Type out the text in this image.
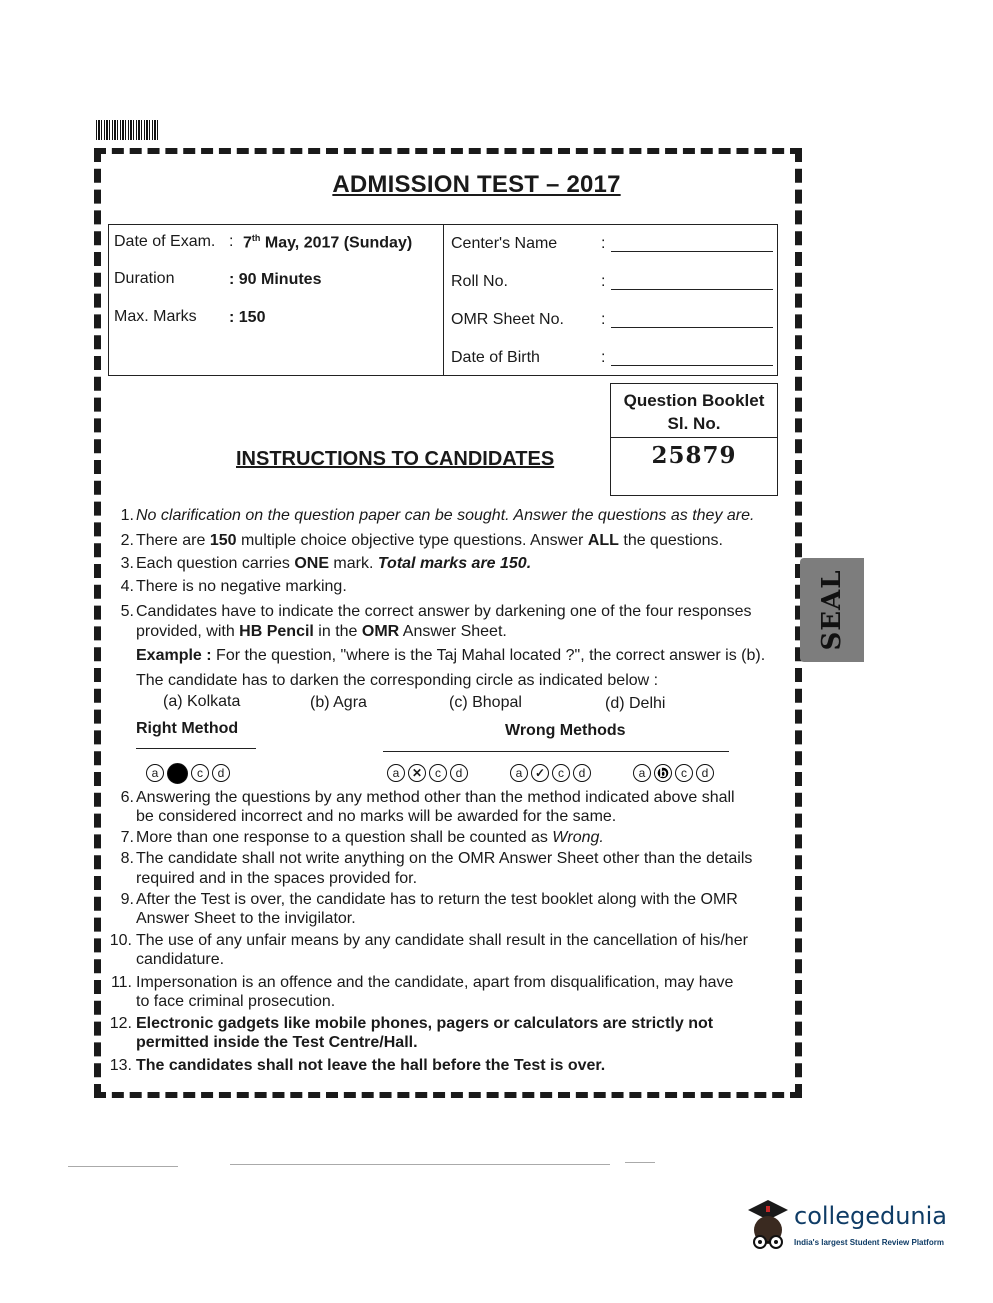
ADMISSION TEST – 2017
Date of Exam. : 7th May, 2017 (Sunday)
Duration	: 90 Minutes
Max. Marks : 150
Center's Name	:
Roll No.	:
OMR Sheet No. :
Date of Birth	:
Question Booklet
Sl. No.
25879
INSTRUCTIONS TO CANDIDATES
1. No clarification on the question paper can be sought. Answer the questions as they are.
2. There are 150 multiple choice objective type questions. Answer ALL the questions.
3. Each question carries ONE mark. Total marks are 150.
4. There is no negative marking.
5. Candidates have to indicate the correct answer by darkening one of the four responses
provided, with HB Pencil in the OMR Answer Sheet.
Example : For the question, "where is the Taj Mahal located ?", the correct answer is (b).
The candidate has to darken the corresponding circle as indicated below :
(a) Kolkata	(b) Agra	(c) Bhopal	(d) Delhi
Right Method	Wrong Methods
a	c	d	a	✕	c	d	a	✓	c	d	a	b	c	d
6. Answering the questions by any method other than the method indicated above shall
be considered incorrect and no marks will be awarded for the same.
7. More than one response to a question shall be counted as Wrong.
8. The candidate shall not write anything on the OMR Answer Sheet other than the details
required and in the spaces provided for.
9. After the Test is over, the candidate has to return the test booklet along with the OMR
Answer Sheet to the invigilator.
10. The use of any unfair means by any candidate shall result in the cancellation of his/her
candidature.
11. Impersonation is an offence and the candidate, apart from disqualification, may have
to face criminal prosecution.
12. Electronic gadgets like mobile phones, pagers or calculators are strictly not
permitted inside the Test Centre/Hall.
13. The candidates shall not leave the hall before the Test is over.
SEAL
collegedunia
India's largest Student Review Platform
